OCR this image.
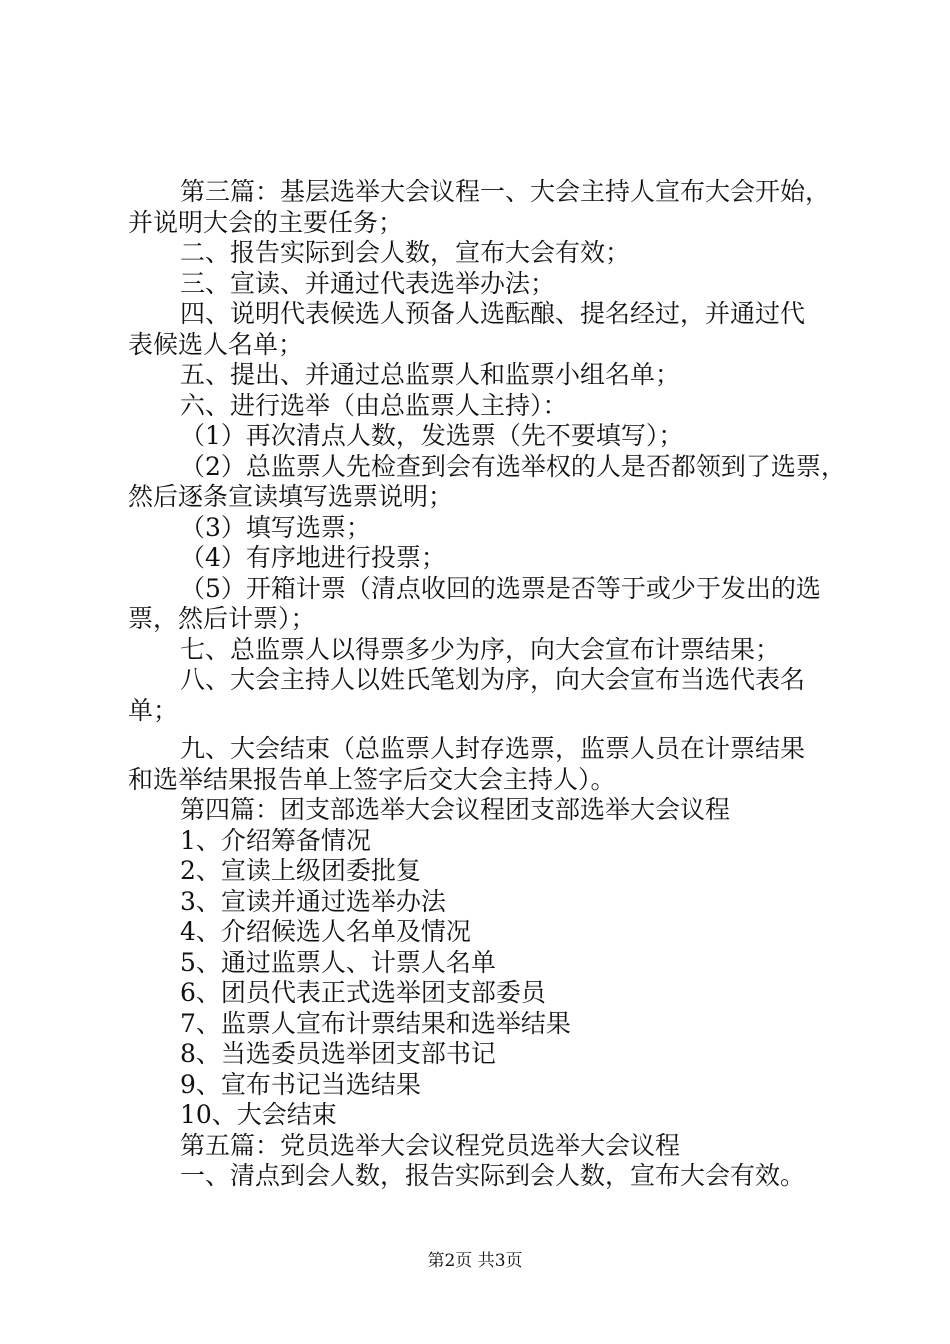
第三篇：基层选举大会议程一、大会主持人宣布大会开始，
并说明大会的主要任务；
二、报告实际到会人数，宣布大会有效；
三、宣读、并通过代表选举办法；
四、说明代表候选人预备人选酝酿、提名经过，并通过代
表候选人名单；
五、提出、并通过总监票人和监票小组名单；
六、进行选举（由总监票人主持）：
（1）再次清点人数，发选票（先不要填写）；
（2）总监票人先检查到会有选举权的人是否都领到了选票，
然后逐条宣读填写选票说明；
（3）填写选票；
（4）有序地进行投票；
（5）开箱计票（清点收回的选票是否等于或少于发出的选
票，然后计票）；
七、总监票人以得票多少为序，向大会宣布计票结果；
八、大会主持人以姓氏笔划为序，向大会宣布当选代表名
单；
九、大会结束（总监票人封存选票，监票人员在计票结果
和选举结果报告单上签字后交大会主持人）。
第四篇：团支部选举大会议程团支部选举大会议程
1、介绍筹备情况
2、宣读上级团委批复
3、宣读并通过选举办法
4、介绍候选人名单及情况
5、通过监票人、计票人名单
6、团员代表正式选举团支部委员
7、监票人宣布计票结果和选举结果
8、当选委员选举团支部书记
9、宣布书记当选结果
10、大会结束
第五篇：党员选举大会议程党员选举大会议程
一、清点到会人数，报告实际到会人数，宣布大会有效。
第2页 共3页
